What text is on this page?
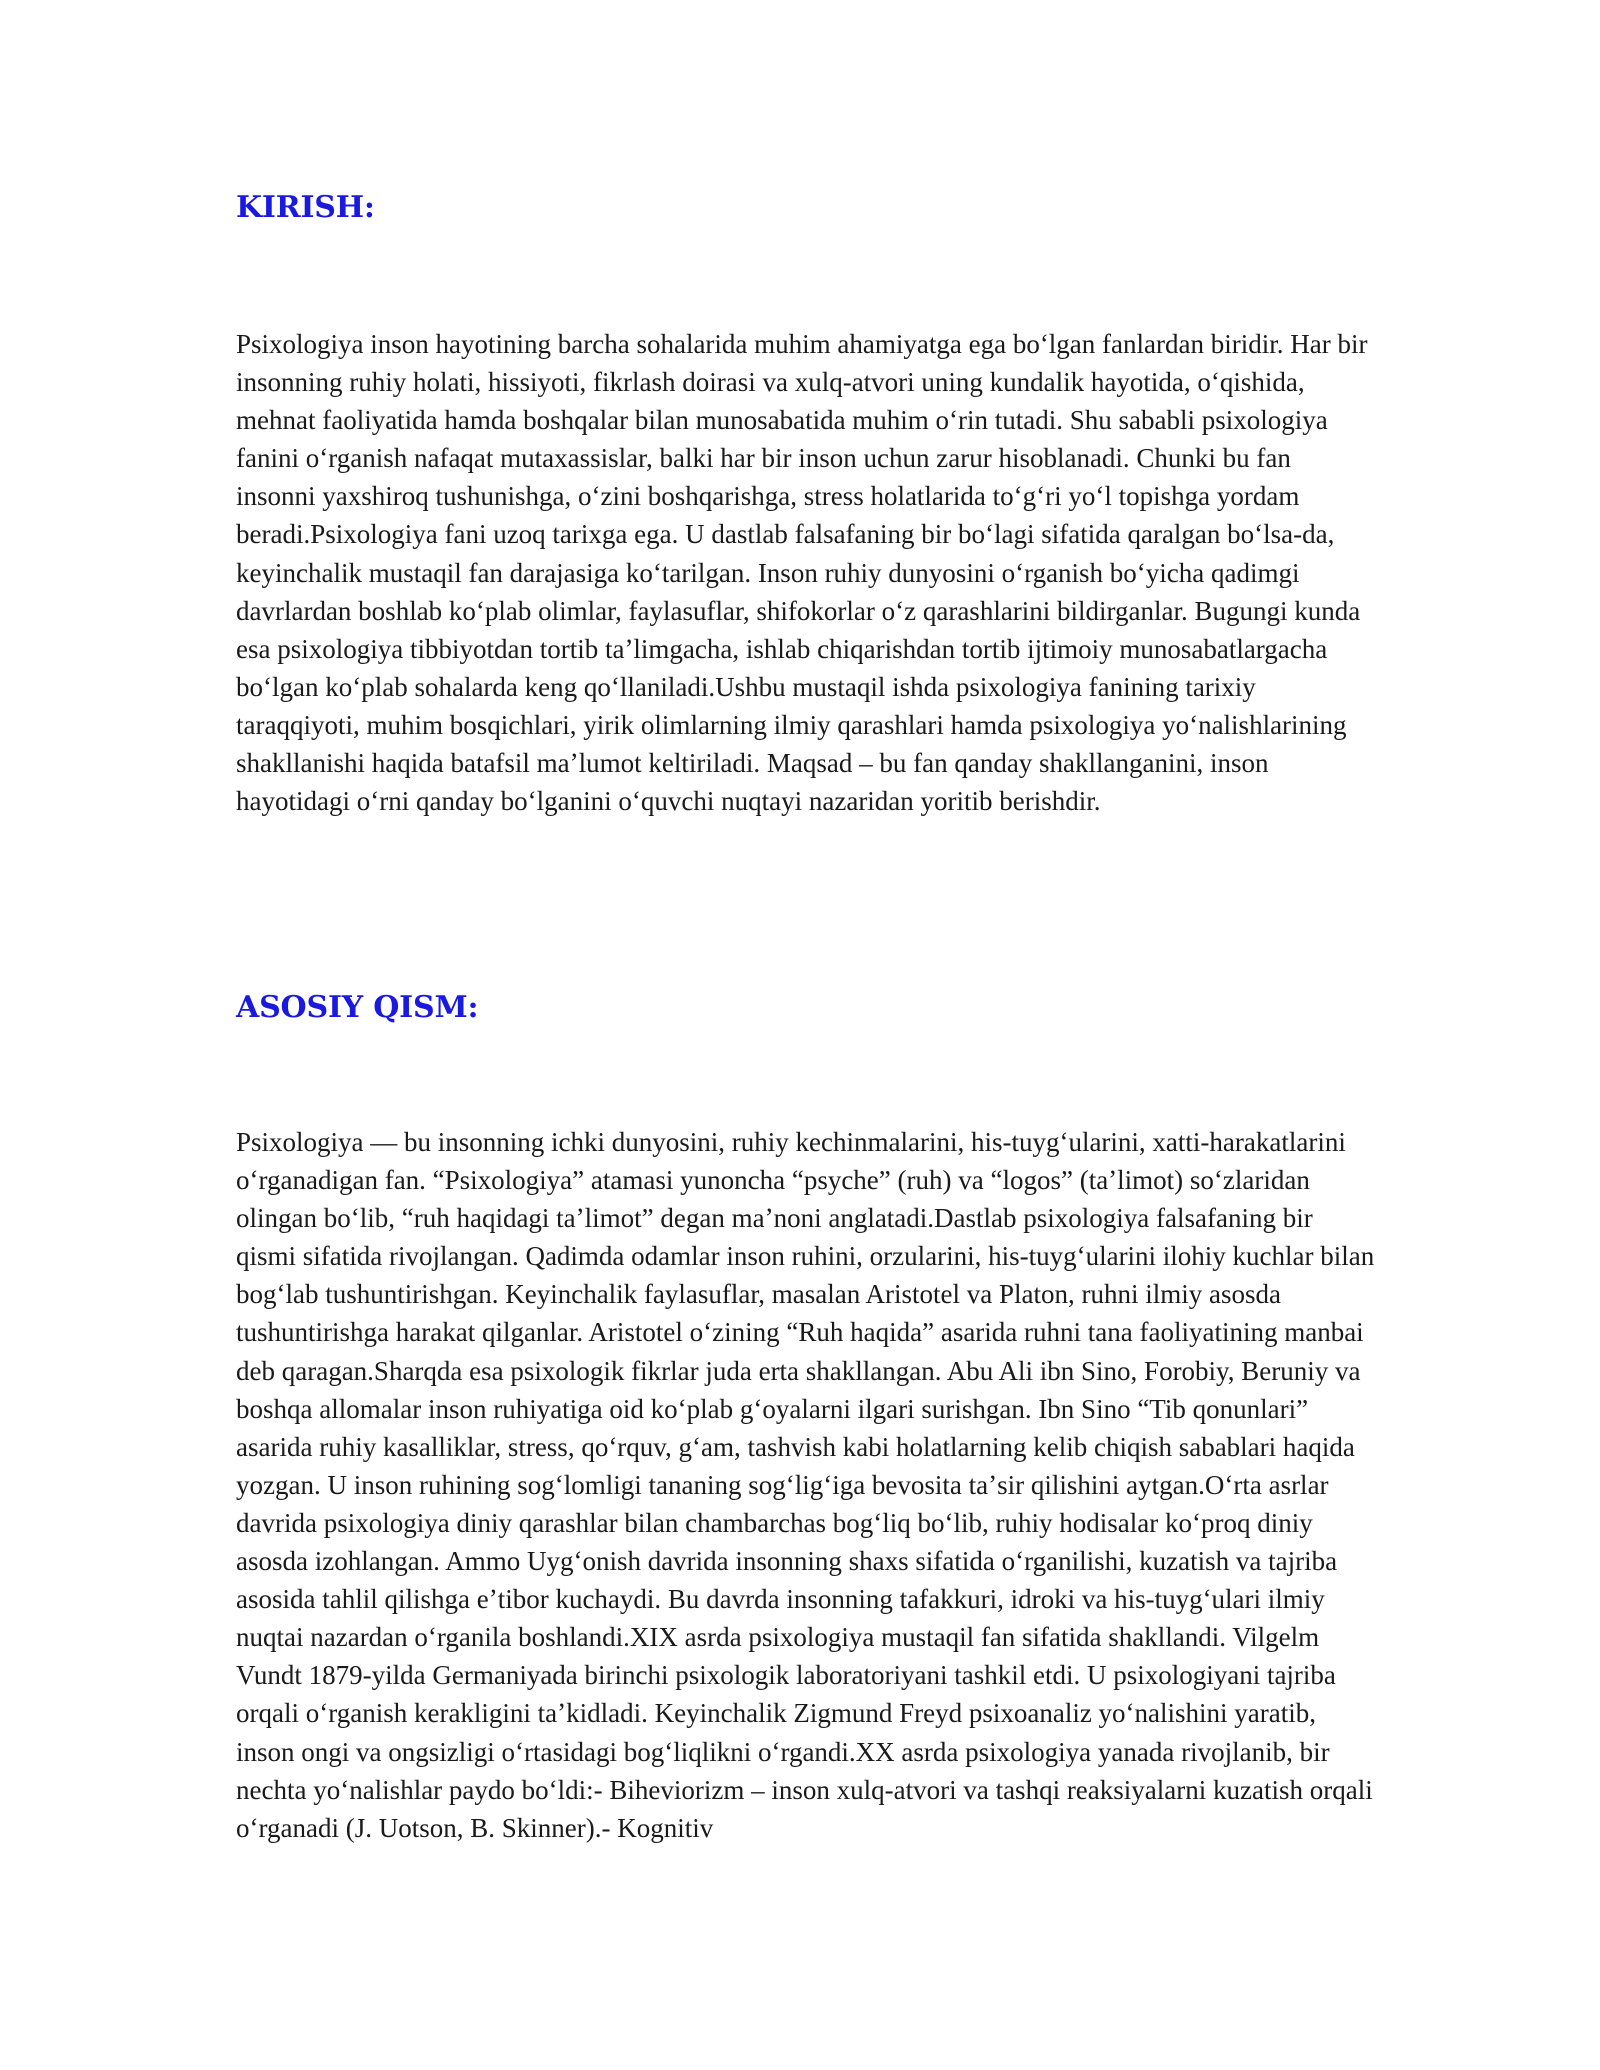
KIRISH:

Psixologiya inson hayotining barcha sohalarida muhim ahamiyatga ega boʻlgan fanlardan biridir. Har bir insonning ruhiy holati, hissiyoti, fikrlash doirasi va xulq-atvori uning kundalik hayotida, oʻqishida, mehnat faoliyatida hamda boshqalar bilan munosabatida muhim oʻrin tutadi. Shu sababli psixologiya fanini oʻrganish nafaqat mutaxassislar, balki har bir inson uchun zarur hisoblanadi. Chunki bu fan insonni yaxshiroq tushunishga, oʻzini boshqarishga, stress holatlarida toʻgʻri yoʻl topishga yordam beradi.Psixologiya fani uzoq tarixga ega. U dastlab falsafaning bir boʻlagi sifatida qaralgan boʻlsa-da, keyinchalik mustaqil fan darajasiga koʻtarilgan. Inson ruhiy dunyosini oʻrganish boʻyicha qadimgi davrlardan boshlab koʻplab olimlar, faylasuflar, shifokorlar oʻz qarashlarini bildirganlar. Bugungi kunda esa psixologiya tibbiyotdan tortib taʼlimgacha, ishlab chiqarishdan tortib ijtimoiy munosabatlargacha boʻlgan koʻplab sohalarda keng qoʻllaniladi.Ushbu mustaqil ishda psixologiya fanining tarixiy taraqqiyoti, muhim bosqichlari, yirik olimlarning ilmiy qarashlari hamda psixologiya yoʻnalishlarining shakllanishi haqida batafsil maʼlumot keltiriladi. Maqsad – bu fan qanday shakllanganini, inson hayotidagi oʻrni qanday boʻlganini oʻquvchi nuqtayi nazaridan yoritib berishdir.

ASOSIY QISM:

Psixologiya — bu insonning ichki dunyosini, ruhiy kechinmalarini, his-tuygʻularini, xatti-harakatlarini oʻrganadigan fan. “Psixologiya” atamasi yunoncha “psyche” (ruh) va “logos” (taʼlimot) soʻzlaridan olingan boʻlib, “ruh haqidagi taʼlimot” degan maʼnoni anglatadi.Dastlab psixologiya falsafaning bir qismi sifatida rivojlangan. Qadimda odamlar inson ruhini, orzularini, his-tuygʻularini ilohiy kuchlar bilan bogʻlab tushuntirishgan. Keyinchalik faylasuflar, masalan Aristotel va Platon, ruhni ilmiy asosda tushuntirishga harakat qilganlar. Aristotel oʻzining “Ruh haqida” asarida ruhni tana faoliyatining manbai deb qaragan.Sharqda esa psixologik fikrlar juda erta shakllangan. Abu Ali ibn Sino, Forobiy, Beruniy va boshqa allomalar inson ruhiyatiga oid koʻplab gʻoyalarni ilgari surishgan. Ibn Sino “Tib qonunlari” asarida ruhiy kasalliklar, stress, qoʻrquv, gʻam, tashvish kabi holatlarning kelib chiqish sabablari haqida yozgan. U inson ruhining sogʻlomligi tananing sogʻligʻiga bevosita taʼsir qilishini aytgan.Oʻrta asrlar davrida psixologiya diniy qarashlar bilan chambarchas bogʻliq boʻlib, ruhiy hodisalar koʻproq diniy asosda izohlangan. Ammo Uygʻonish davrida insonning shaxs sifatida oʻrganilishi, kuzatish va tajriba asosida tahlil qilishga eʼtibor kuchaydi. Bu davrda insonning tafakkuri, idroki va his-tuygʻulari ilmiy nuqtai nazardan oʻrganila boshlandi.XIX asrda psixologiya mustaqil fan sifatida shakllandi. Vilgelm Vundt 1879-yilda Germaniyada birinchi psixologik laboratoriyani tashkil etdi. U psixologiyani tajriba orqali oʻrganish kerakligini taʼkidladi. Keyinchalik Zigmund Freyd psixoanaliz yoʻnalishini yaratib, inson ongi va ongsizligi oʻrtasidagi bogʻliqlikni oʻrgandi.XX asrda psixologiya yanada rivojlanib, bir nechta yoʻnalishlar paydo boʻldi:- Biheviorizm – inson xulq-atvori va tashqi reaksiyalarni kuzatish orqali oʻrganadi (J. Uotson, B. Skinner).- Kognitiv
